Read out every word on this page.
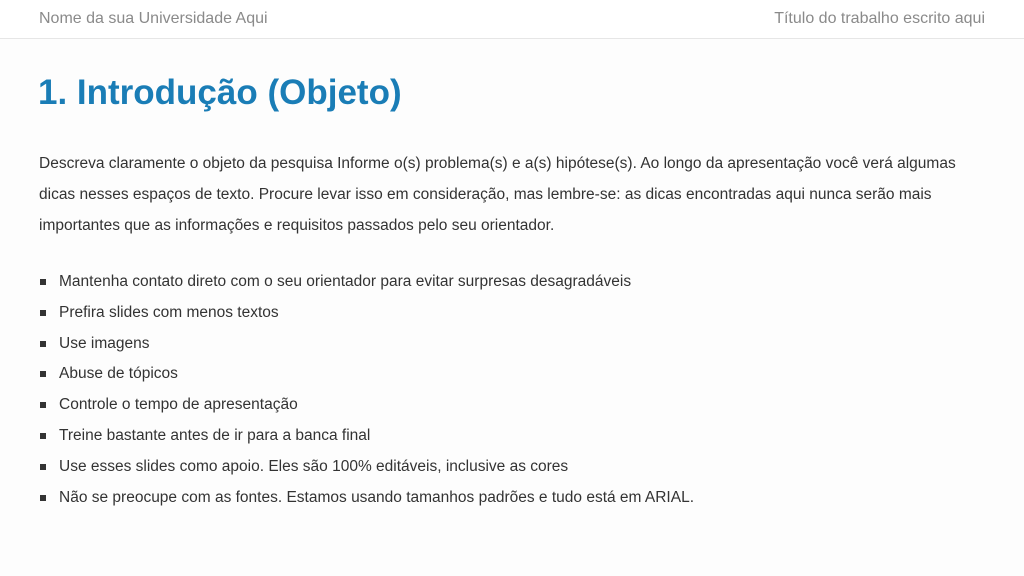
Nome da sua Universidade Aqui	Título do trabalho escrito aqui
1. Introdução (Objeto)

Descreva claramente o objeto da pesquisa Informe o(s) problema(s) e a(s) hipótese(s). Ao longo da apresentação você verá algumas dicas nesses espaços de texto. Procure levar isso em consideração, mas lembre-se: as dicas encontradas aqui nunca serão mais importantes que as informações e requisitos passados pelo seu orientador.

Mantenha contato direto com o seu orientador para evitar surpresas desagradáveis
Prefira slides com menos textos
Use imagens
Abuse de tópicos
Controle o tempo de apresentação
Treine bastante antes de ir para a banca final
Use esses slides como apoio. Eles são 100% editáveis, inclusive as cores
Não se preocupe com as fontes. Estamos usando tamanhos padrões e tudo está em ARIAL.
